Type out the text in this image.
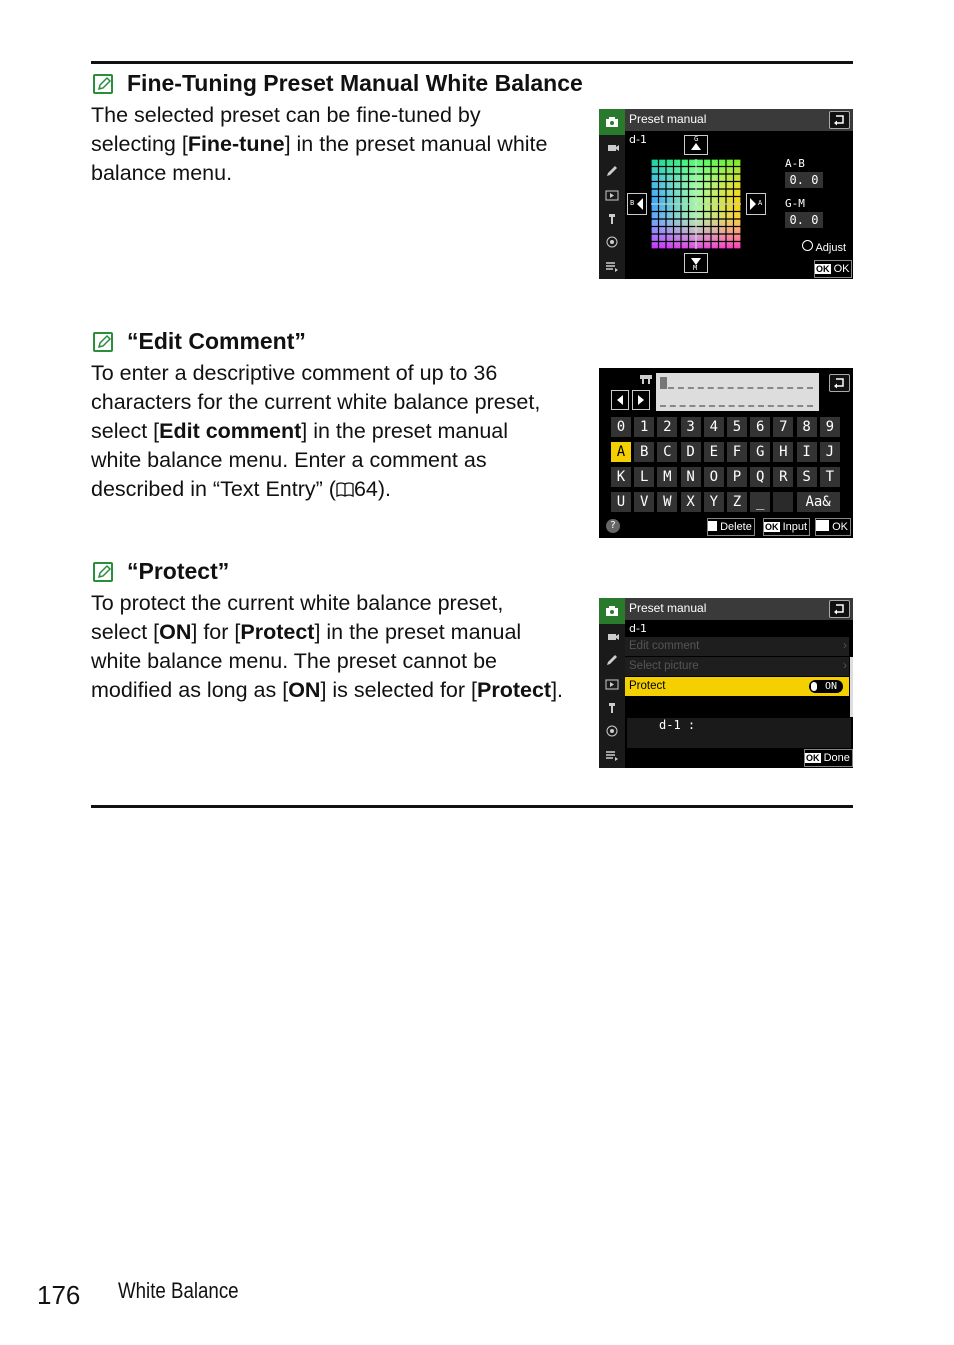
Fine-Tuning Preset Manual White Balance
The selected preset can be fine-tuned by
selecting [Fine-tune] in the preset manual white
balance menu.
Preset manual
d-1	G
M
B	A
A-B
0. 0
G-M
0. 0
Adjust
OK OK
“Edit Comment”
To enter a descriptive comment of up to 36
characters for the current white balance preset,
select [Edit comment] in the preset manual
white balance menu. Enter a comment as
described in “Text Entry” ( 64).
0	1	2	3	4	5	6	7	8	9
A	B	C	D	E	F	G	H	I	J
K	L	M	N	O	P	Q	R	S	T
U	V	W	X	Y	Z	_	Aa&
?	Delete	OK Input	OK
“Protect”
To protect the current white balance preset,
select [ON] for [Protect] in the preset manual
white balance menu. The preset cannot be
modified as long as [ON] is selected for [Protect].
Preset manual
d-1
Edit comment	›
Select picture	›
Protect	ON
d-1 :
OK Done
176 White Balance
